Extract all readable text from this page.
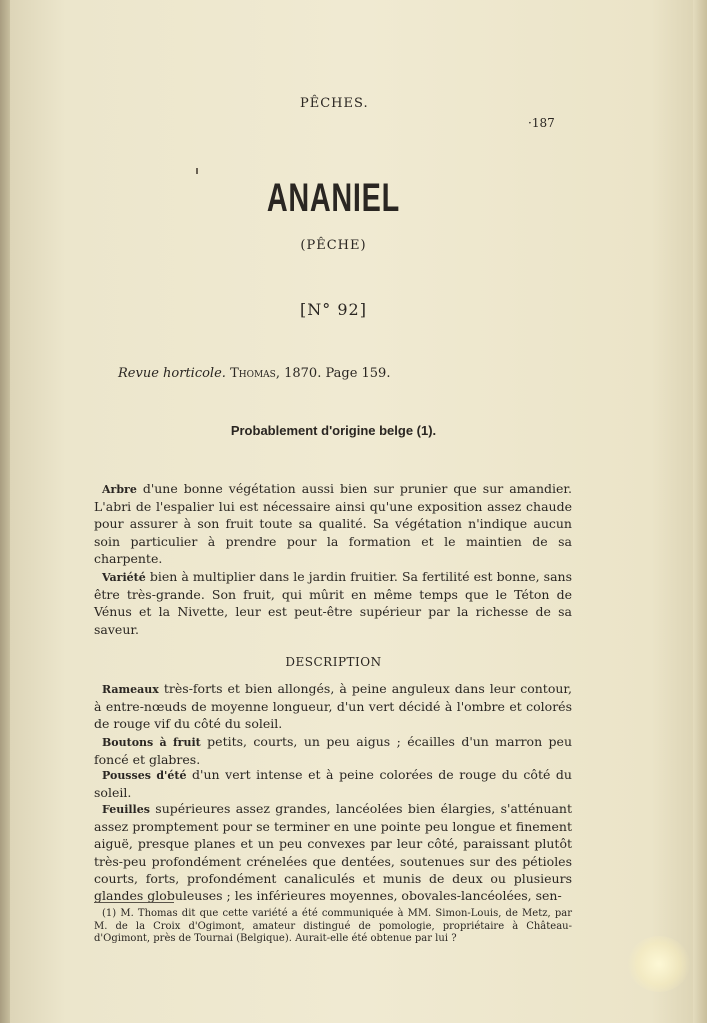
PÊCHES.
·187
ANANIEL
(PÊCHE)
[N° 92]
Revue horticole. Thomas, 1870. Page 159.
Probablement d'origine belge (1).

Arbre d'une bonne végétation aussi bien sur prunier que sur amandier. L'abri de l'espalier lui est nécessaire ainsi qu'une exposition assez chaude pour assurer à son fruit toute sa qualité. Sa végétation n'indique aucun soin particulier à prendre pour la formation et le maintien de sa charpente.

Variété bien à multiplier dans le jardin fruitier. Sa fertilité est bonne, sans être très-grande. Son fruit, qui mûrit en même temps que le Téton de Vénus et la Nivette, leur est peut-être supérieur par la richesse de sa saveur.

DESCRIPTION

Rameaux très-forts et bien allongés, à peine anguleux dans leur contour, à entre-nœuds de moyenne longueur, d'un vert décidé à l'ombre et colorés de rouge vif du côté du soleil.

Boutons à fruit petits, courts, un peu aigus ; écailles d'un marron peu foncé et glabres.

Pousses d'été d'un vert intense et à peine colorées de rouge du côté du soleil.

Feuilles supérieures assez grandes, lancéolées bien élargies, s'atténuant assez promptement pour se terminer en une pointe peu longue et finement aiguë, presque planes et un peu convexes par leur côté, paraissant plutôt très-peu profondément crénelées que dentées, soutenues sur des pétioles courts, forts, profondément canaliculés et munis de deux ou plusieurs glandes globuleuses ; les inférieures moyennes, obovales-lancéolées, sen-

(1) M. Thomas dit que cette variété a été communiquée à MM. Simon-Louis, de Metz, par M. de la Croix d'Ogimont, amateur distingué de pomologie, propriétaire à Château-d'Ogimont, près de Tournai (Belgique). Aurait-elle été obtenue par lui ?
